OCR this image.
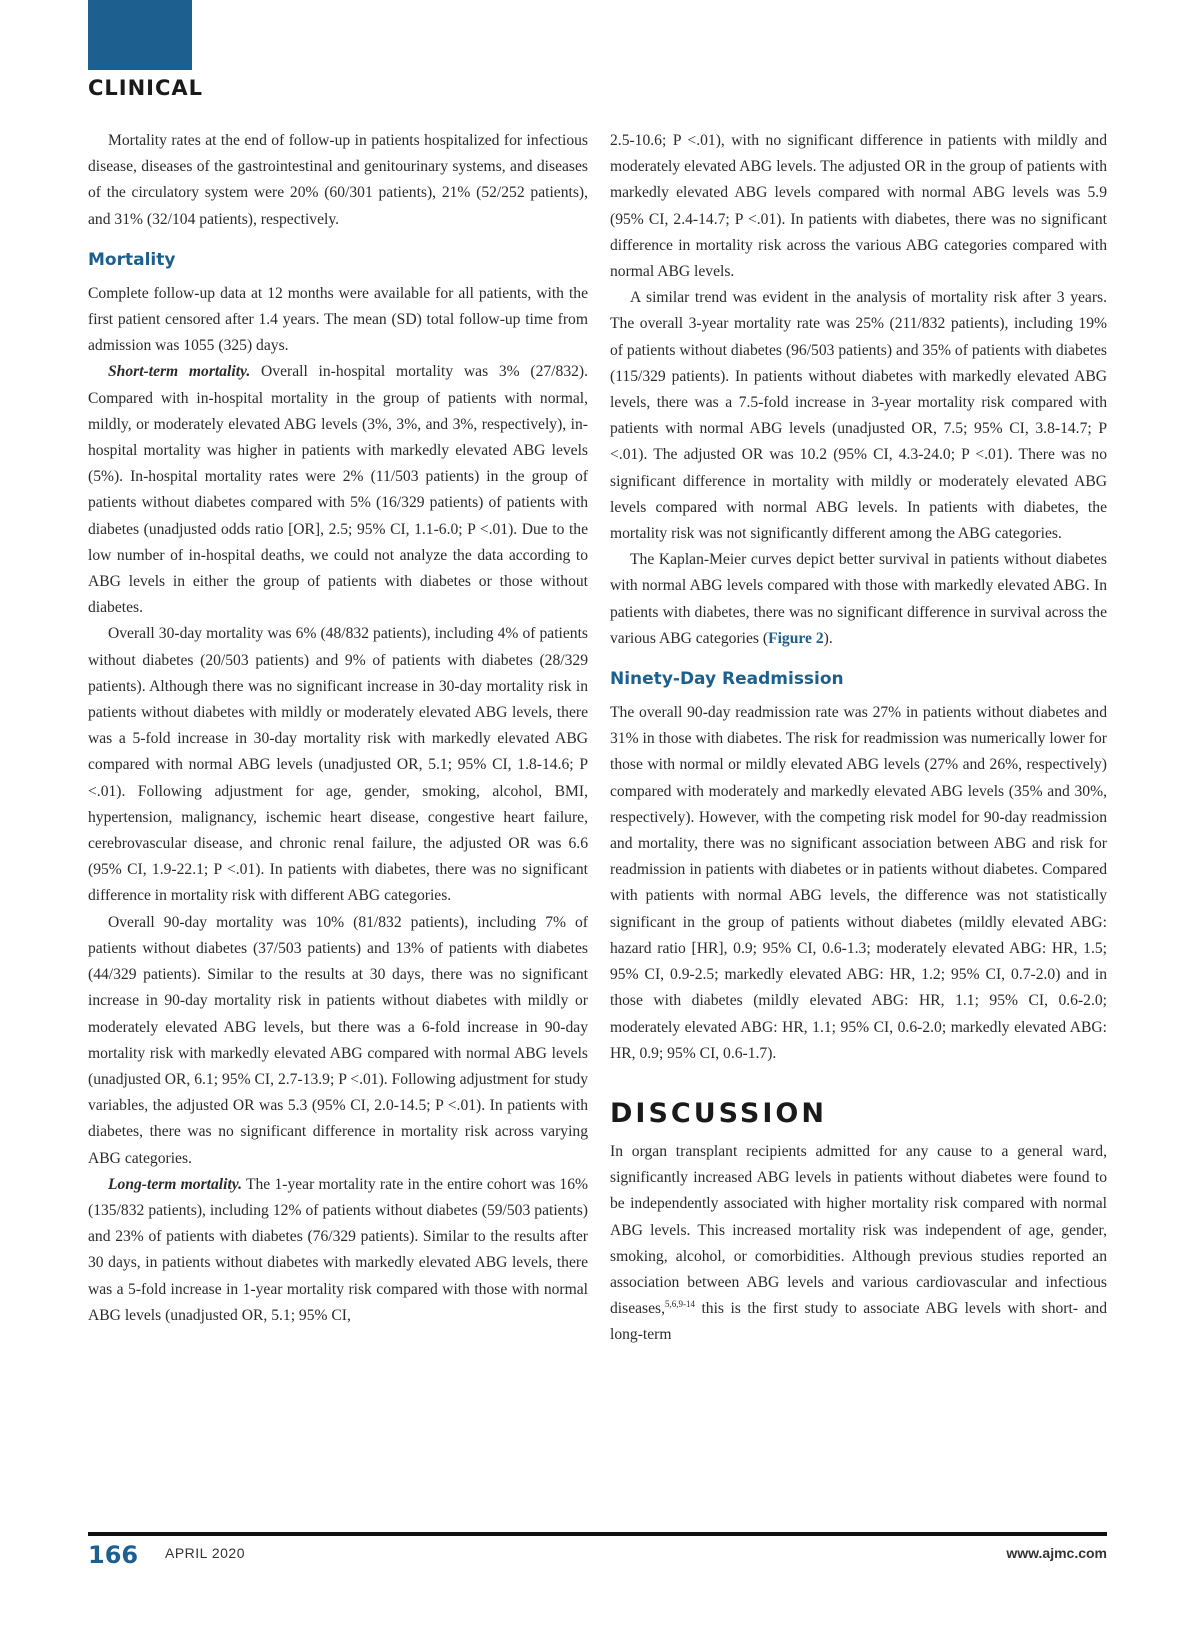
CLINICAL

Mortality rates at the end of follow-up in patients hospitalized for infectious disease, diseases of the gastrointestinal and genitourinary systems, and diseases of the circulatory system were 20% (60/301 patients), 21% (52/252 patients), and 31% (32/104 patients), respectively.

Mortality

Complete follow-up data at 12 months were available for all patients, with the first patient censored after 1.4 years. The mean (SD) total follow-up time from admission was 1055 (325) days.

Short-term mortality. Overall in-hospital mortality was 3% (27/832). Compared with in-hospital mortality in the group of patients with normal, mildly, or moderately elevated ABG levels (3%, 3%, and 3%, respectively), in-hospital mortality was higher in patients with markedly elevated ABG levels (5%). In-hospital mortality rates were 2% (11/503 patients) in the group of patients without diabetes compared with 5% (16/329 patients) of patients with diabetes (unadjusted odds ratio [OR], 2.5; 95% CI, 1.1-6.0; P <.01). Due to the low number of in-hospital deaths, we could not analyze the data according to ABG levels in either the group of patients with diabetes or those without diabetes.

Overall 30-day mortality was 6% (48/832 patients), including 4% of patients without diabetes (20/503 patients) and 9% of patients with diabetes (28/329 patients). Although there was no significant increase in 30-day mortality risk in patients without diabetes with mildly or moderately elevated ABG levels, there was a 5-fold increase in 30-day mortality risk with markedly elevated ABG compared with normal ABG levels (unadjusted OR, 5.1; 95% CI, 1.8-14.6; P <.01). Following adjustment for age, gender, smoking, alcohol, BMI, hypertension, malignancy, ischemic heart disease, congestive heart failure, cerebrovascular disease, and chronic renal failure, the adjusted OR was 6.6 (95% CI, 1.9-22.1; P <.01). In patients with diabetes, there was no significant difference in mortality risk with different ABG categories.

Overall 90-day mortality was 10% (81/832 patients), including 7% of patients without diabetes (37/503 patients) and 13% of patients with diabetes (44/329 patients). Similar to the results at 30 days, there was no significant increase in 90-day mortality risk in patients without diabetes with mildly or moderately elevated ABG levels, but there was a 6-fold increase in 90-day mortality risk with markedly elevated ABG compared with normal ABG levels (unadjusted OR, 6.1; 95% CI, 2.7-13.9; P <.01). Following adjustment for study variables, the adjusted OR was 5.3 (95% CI, 2.0-14.5; P <.01). In patients with diabetes, there was no significant difference in mortality risk across varying ABG categories.

Long-term mortality. The 1-year mortality rate in the entire cohort was 16% (135/832 patients), including 12% of patients without diabetes (59/503 patients) and 23% of patients with diabetes (76/329 patients). Similar to the results after 30 days, in patients without diabetes with markedly elevated ABG levels, there was a 5-fold increase in 1-year mortality risk compared with those with normal ABG levels (unadjusted OR, 5.1; 95% CI,

2.5-10.6; P <.01), with no significant difference in patients with mildly and moderately elevated ABG levels. The adjusted OR in the group of patients with markedly elevated ABG levels compared with normal ABG levels was 5.9 (95% CI, 2.4-14.7; P <.01). In patients with diabetes, there was no significant difference in mortality risk across the various ABG categories compared with normal ABG levels.

A similar trend was evident in the analysis of mortality risk after 3 years. The overall 3-year mortality rate was 25% (211/832 patients), including 19% of patients without diabetes (96/503 patients) and 35% of patients with diabetes (115/329 patients). In patients without diabetes with markedly elevated ABG levels, there was a 7.5-fold increase in 3-year mortality risk compared with patients with normal ABG levels (unadjusted OR, 7.5; 95% CI, 3.8-14.7; P <.01). The adjusted OR was 10.2 (95% CI, 4.3-24.0; P <.01). There was no significant difference in mortality with mildly or moderately elevated ABG levels compared with normal ABG levels. In patients with diabetes, the mortality risk was not significantly different among the ABG categories.

The Kaplan-Meier curves depict better survival in patients without diabetes with normal ABG levels compared with those with markedly elevated ABG. In patients with diabetes, there was no significant difference in survival across the various ABG categories (Figure 2).

Ninety-Day Readmission

The overall 90-day readmission rate was 27% in patients without diabetes and 31% in those with diabetes. The risk for readmission was numerically lower for those with normal or mildly elevated ABG levels (27% and 26%, respectively) compared with moderately and markedly elevated ABG levels (35% and 30%, respectively). However, with the competing risk model for 90-day readmission and mortality, there was no significant association between ABG and risk for readmission in patients with diabetes or in patients without diabetes. Compared with patients with normal ABG levels, the difference was not statistically significant in the group of patients without diabetes (mildly elevated ABG: hazard ratio [HR], 0.9; 95% CI, 0.6-1.3; moderately elevated ABG: HR, 1.5; 95% CI, 0.9-2.5; markedly elevated ABG: HR, 1.2; 95% CI, 0.7-2.0) and in those with diabetes (mildly elevated ABG: HR, 1.1; 95% CI, 0.6-2.0; moderately elevated ABG: HR, 1.1; 95% CI, 0.6-2.0; markedly elevated ABG: HR, 0.9; 95% CI, 0.6-1.7).

DISCUSSION

In organ transplant recipients admitted for any cause to a general ward, significantly increased ABG levels in patients without diabetes were found to be independently associated with higher mortality risk compared with normal ABG levels. This increased mortality risk was independent of age, gender, smoking, alcohol, or comorbidities. Although previous studies reported an association between ABG levels and various cardiovascular and infectious diseases,$^{5,6,9-14}$ this is the first study to associate ABG levels with short- and long-term

166 APRIL 2020	www.ajmc.com
